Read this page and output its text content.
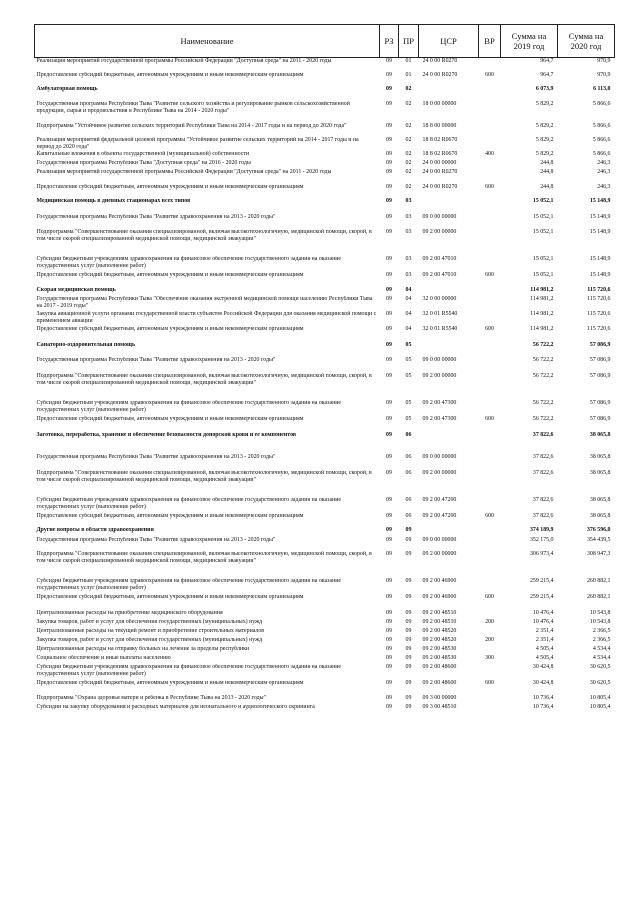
Наименование	РЗ	ПР	ЦСР	ВР	Сумма на 2019 год	Сумма на 2020 год
Реализация мероприятий государственной программы Российской Федерации "Доступная среда" на 2011 - 2020 годы	09	01	24 0 00 R0270		964,7	970,9
Предоставление субсидий бюджетным, автономным учреждениям и иным некоммерческим организациям	09	01	24 0 00 R0270	600	964,7	970,9
Амбулаторная помощь	09	02			6 073,9	6 113,0
Государственная программа Республики Тыва "Развитие сельского хозяйства и регулирование рынков сельскохозяйственной продукции, сырья и продовольствия в Республике Тыва на 2014 - 2020 годы"	09	02	18 0 00 00000		5 829,2	5 866,6
Подпрограмма "Устойчивое развитие сельских территорий Республики Тыва на 2014 - 2017 годы и на период до 2020 года"	09	02	18 8 00 00000		5 829,2	5 866,6
Реализация мероприятий федеральной целевой программы "Устойчивое развитие сельских территорий на 2014 - 2017 годы и на период до 2020 года"	09	02	18 8 02 R0670		5 829,2	5 866,6
Капитальные вложения в объекты государственной (муниципальной) собственности	09	02	18 8 02 R0670	400	5 829,2	5 866,6
Государственная программа Республики Тыва "Доступная среда" на 2016 - 2020 годы	09	02	24 0 00 00000		244,8	246,3
Реализация мероприятий государственной программы Российской Федерации "Доступная среда" на 2011 - 2020 годы	09	02	24 0 00 R0270		244,8	246,3
Предоставление субсидий бюджетным, автономным учреждениям и иным некоммерческим организациям	09	02	24 0 00 R0270	600	244,8	246,3
Медицинская помощь в дневных стационарах всех типов	09	03			15 052,1	15 148,9
Государственная программа Республики Тыва "Развитие здравоохранения на 2013 - 2020 годы"	09	03	09 0 00 00000		15 052,1	15 148,9
Подпрограмма "Совершенствование оказания специализированной, включая высокотехнологичную, медицинской помощи, скорой, в том числе скорой специализированной медицинской помощи, медицинской эвакуации"	09	03	09 2 00 00000		15 052,1	15 148,9
Субсидии бюджетным учреждениям здравоохранения на финансовое обеспечение государственного задания на оказание государственных услуг (выполнение работ)	09	03	09 2 00 47010		15 052,1	15 148,9
Предоставление субсидий бюджетным, автономным учреждениям и иным некоммерческим организациям	09	03	09 2 00 47010	600	15 052,1	15 148,9
Скорая медицинская помощь	09	04			114 981,2	115 720,6
Государственная программа Республики Тыва "Обеспечение оказания экстренной медицинской помощи населению Республики Тыва на 2017 - 2019 годы"	09	04	32 0 00 00000		114 981,2	115 720,6
Закупка авиационной услуги органами государственной власти субъектов Российской Федерации для оказания медицинской помощи с применением авиации	09	04	32 0 01 R5540		114 981,2	115 720,6
Предоставление субсидий бюджетным, автономным учреждениям и иным некоммерческим организациям	09	04	32 0 01 R5540	600	114 981,2	115 720,6
Санаторно-оздоровительная помощь	09	05			56 722,2	57 086,9
Государственная программа Республики Тыва "Развитие здравоохранения на 2013 - 2020 годы"	09	05	09 0 00 00000		56 722,2	57 086,9
Подпрограмма "Совершенствование оказания специализированной, включая высокотехнологичную, медицинской помощи, скорой, в том числе скорой специализированной медицинской помощи, медицинской эвакуации"	09	05	09 2 00 00000		56 722,2	57 086,9
Субсидии бюджетным учреждениям здравоохранения на финансовое обеспечение государственного задания на оказание государственных услуг (выполнение работ)	09	05	09 2 00 47300		56 722,2	57 086,9
Предоставление субсидий бюджетным, автономным учреждениям и иным некоммерческим организациям	09	05	09 2 00 47300	600	56 722,2	57 086,9
Заготовка, переработка, хранение и обеспечение безопасности донорской крови и ее компонентов	09	06			37 822,6	38 065,8
Государственная программа Республики Тыва "Развитие здравоохранения на 2013 - 2020 годы"	09	06	09 0 00 00000		37 822,6	38 065,8
Подпрограмма "Совершенствование оказания специализированной, включая высокотехнологичную, медицинской помощи, скорой, в том числе скорой специализированной медицинской помощи, медицинской эвакуации"	09	06	09 2 00 00000		37 822,6	38 065,8
Субсидии бюджетным учреждениям здравоохранения на финансовое обеспечение государственного задания на оказание государственных услуг (выполнение работ)	09	06	09 2 00 47200		37 822,6	38 065,8
Предоставление субсидий бюджетным, автономным учреждениям и иным некоммерческим организациям	09	06	09 2 00 47200	600	37 822,6	38 065,8
Другие вопросы в области здравоохранения	09	09			374 189,9	376 596,0
Государственная программа Республики Тыва "Развитие здравоохранения на 2013 - 2020 годы"	09	09	09 0 00 00000		352 175,0	354 439,5
Подпрограмма "Совершенствование оказания специализированной, включая высокотехнологичную, медицинской помощи, скорой, в том числе скорой специализированной медицинской помощи, медицинской эвакуации"	09	09	09 2 00 00000		306 973,4	308 947,3
Субсидии бюджетным учреждениям здравоохранения на финансовое обеспечение государственного задания на оказание государственных услуг (выполнение работ)	09	09	09 2 00 46900		259 215,4	260 882,1
Предоставление субсидий бюджетным, автономным учреждениям и иным некоммерческим организациям	09	09	09 2 00 46900	600	259 215,4	260 882,1
Централизованные расходы на приобретение медицинского оборудования	09	09	09 2 00 48510		10 476,4	10 543,8
Закупка товаров, работ и услуг для обеспечения государственных (муниципальных) нужд	09	09	09 2 00 48510	200	10 476,4	10 543,8
Централизованные расходы на текущий ремонт и приобретение строительных материалов	09	09	09 2 00 48520		2 351,4	2 366,5
Закупка товаров, работ и услуг для обеспечения государственных (муниципальных) нужд	09	09	09 2 00 48520	200	2 351,4	2 366,5
Централизованные расходы на отправку больных на лечение за пределы республики	09	09	09 2 00 48530		4 505,4	4 534,4
Социальное обеспечение и иные выплаты населению	09	09	09 2 00 48530	300	4 505,4	4 534,4
Субсидии бюджетным учреждениям здравоохранения на финансовое обеспечение государственного задания на оказание государственных услуг (выполнение работ)	09	09	09 2 00 48600		30 424,8	30 620,5
Предоставление субсидий бюджетным, автономным учреждениям и иным некоммерческим организациям	09	09	09 2 00 48600	600	30 424,8	30 620,5
Подпрограмма "Охрана здоровья матери и ребенка в Республике Тыва на 2013 - 2020 годы"	09	09	09 3 00 00000		10 736,4	10 805,4
Субсидии на закупку оборудования и расходных материалов для неонатального и аудиологического скрининга	09	09	09 3 00 48510		10 736,4	10 805,4
